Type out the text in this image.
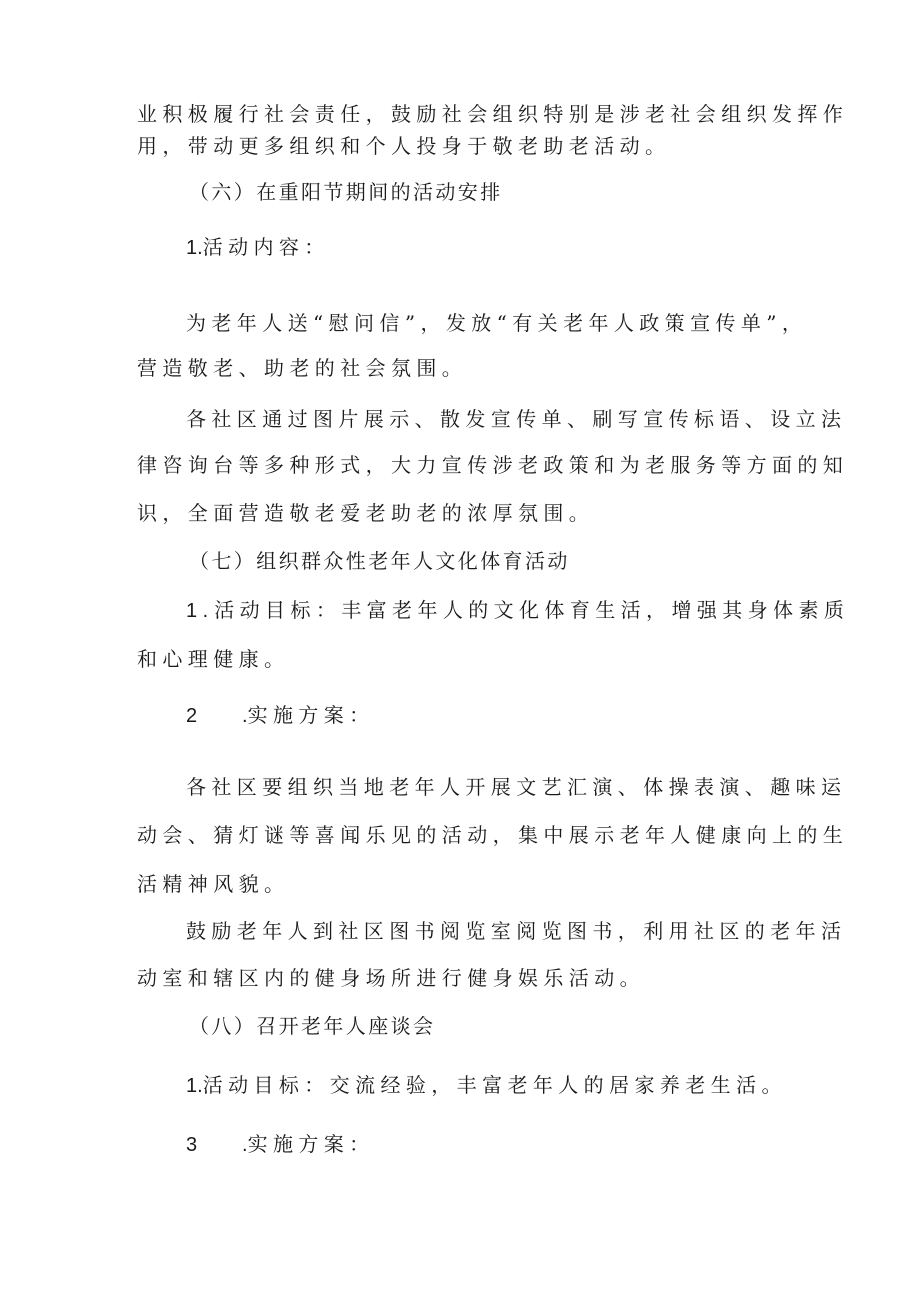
业积极履行社会责任，鼓励社会组织特别是涉老社会组织发挥作
用，带动更多组织和个人投身于敬老助老活动。
（六）在重阳节期间的活动安排
1.活动内容：
为老年人送“慰问信”，发放“有关老年人政策宣传单”，
营造敬老、助老的社会氛围。
各社区通过图片展示、散发宣传单、刷写宣传标语、设立法
律咨询台等多种形式，大力宣传涉老政策和为老服务等方面的知
识，全面营造敬老爱老助老的浓厚氛围。
（七）组织群众性老年人文化体育活动
1 . 活动目标：丰富老年人的文化体育生活，增强其身体素质
和心理健康。
2 .实施方案：
各社区要组织当地老年人开展文艺汇演、体操表演、趣味运
动会、猜灯谜等喜闻乐见的活动，集中展示老年人健康向上的生
活精神风貌。
鼓励老年人到社区图书阅览室阅览图书，利用社区的老年活
动室和辖区内的健身场所进行健身娱乐活动。
（八）召开老年人座谈会
1.活动目标：交流经验，丰富老年人的居家养老生活。
3 .实施方案：
